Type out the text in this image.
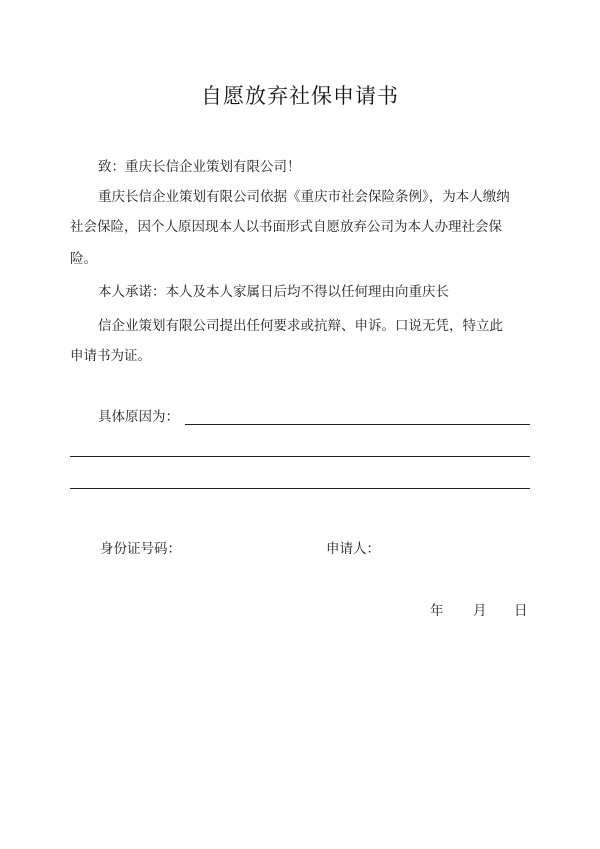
自愿放弃社保申请书
致：重庆长信企业策划有限公司！
重庆长信企业策划有限公司依据《重庆市社会保险条例》，为本人缴纳
社会保险，因个人原因现本人以书面形式自愿放弃公司为本人办理社会保
险。
本人承诺：本人及本人家属日后均不得以任何理由向重庆长
信企业策划有限公司提出任何要求或抗辩、申诉。口说无凭，特立此
申请书为证。
具体原因为：
身份证号码：	申请人：
年 月 日
